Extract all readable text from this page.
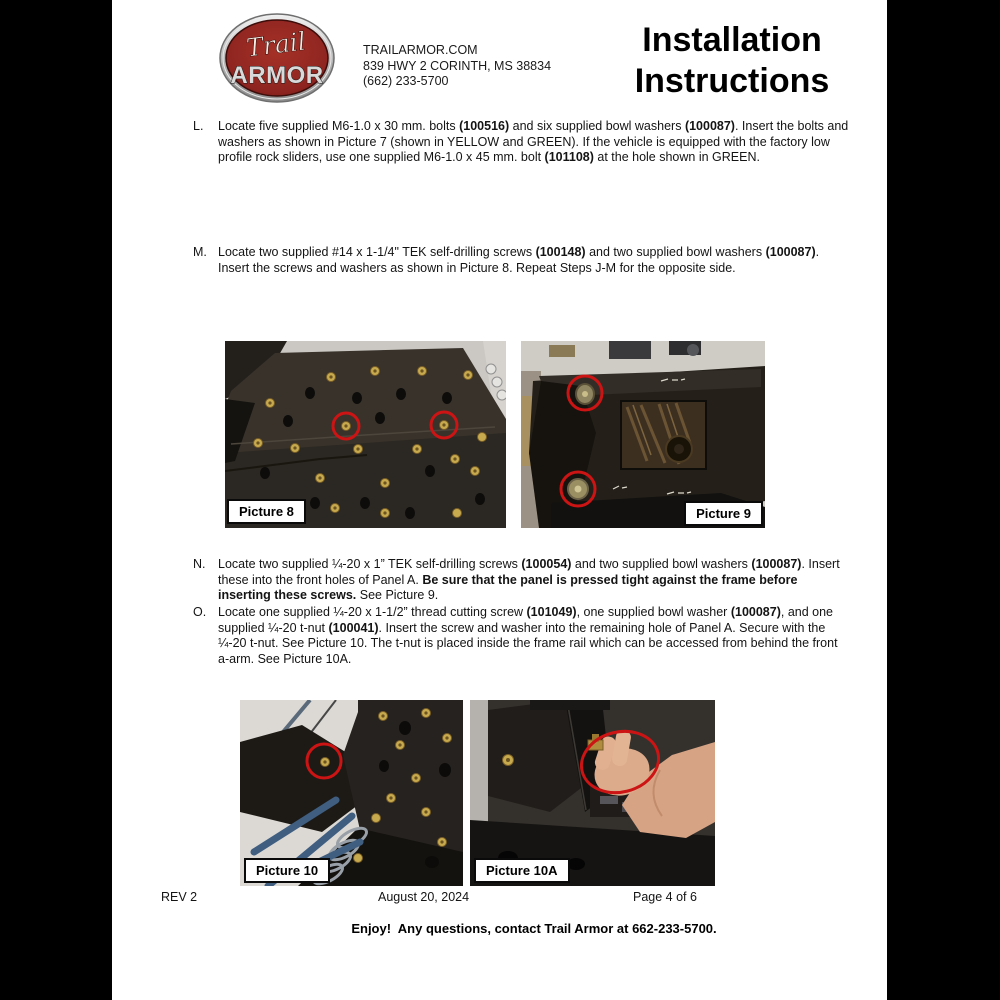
Trail
ARMOR
TRAILARMOR.COM
839 HWY 2 CORINTH, MS 38834
(662) 233-5700
Installation
Instructions
L.	Locate five supplied M6-1.0 x 30 mm. bolts (100516) and six supplied bowl washers (100087). Insert the bolts and washers as shown in Picture 7 (shown in YELLOW and GREEN). If the vehicle is equipped with the factory low profile rock sliders, use one supplied M6-1.0 x 45 mm. bolt (101108) at the hole shown in GREEN.
M. Locate two supplied #14 x 1-1/4" TEK self-drilling screws (100148) and two supplied bowl washers (100087). Insert the screws and washers as shown in Picture 8. Repeat Steps J-M for the opposite side.
Picture 8	Picture 9
N.	Locate two supplied ¼-20 x 1” TEK self-drilling screws (100054) and two supplied bowl washers (100087). Insert these into the front holes of Panel A. Be sure that the panel is pressed tight against the frame before inserting these screws. See Picture 9.
O. Locate one supplied ¼-20 x 1-1/2” thread cutting screw (101049), one supplied bowl washer (100087), and one supplied ¼-20 t-nut (100041). Insert the screw and washer into the remaining hole of Panel A. Secure with the ¼-20 t-nut. See Picture 10. The t-nut is placed inside the frame rail which can be accessed from behind the front a-arm. See Picture 10A.
Picture 10	Picture 10A
REV 2	August 20, 2024	Page 4 of 6
Enjoy!  Any questions, contact Trail Armor at 662-233-5700.
